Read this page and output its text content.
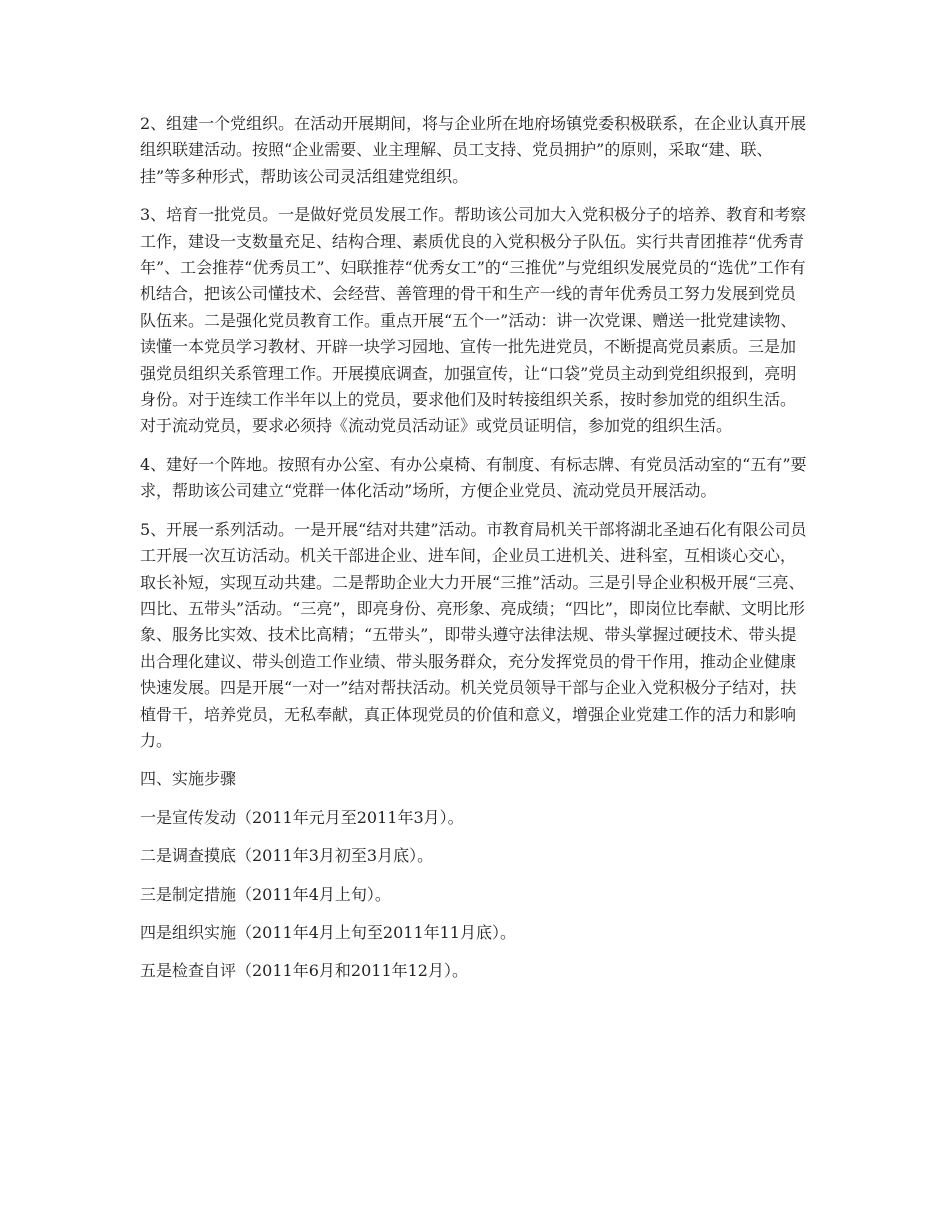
2、组建一个党组织。在活动开展期间，将与企业所在地府场镇党委积极联系，在企业认真开展组织联建活动。按照“企业需要、业主理解、员工支持、党员拥护”的原则，采取“建、联、挂”等多种形式，帮助该公司灵活组建党组织。

3、培育一批党员。一是做好党员发展工作。帮助该公司加大入党积极分子的培养、教育和考察工作，建设一支数量充足、结构合理、素质优良的入党积极分子队伍。实行共青团推荐“优秀青年”、工会推荐“优秀员工”、妇联推荐“优秀女工”的“三推优”与党组织发展党员的“选优”工作有机结合，把该公司懂技术、会经营、善管理的骨干和生产一线的青年优秀员工努力发展到党员队伍来。二是强化党员教育工作。重点开展“五个一”活动：讲一次党课、赠送一批党建读物、读懂一本党员学习教材、开辟一块学习园地、宣传一批先进党员，不断提高党员素质。三是加强党员组织关系管理工作。开展摸底调查，加强宣传，让“口袋”党员主动到党组织报到，亮明身份。对于连续工作半年以上的党员，要求他们及时转接组织关系，按时参加党的组织生活。对于流动党员，要求必须持《流动党员活动证》或党员证明信，参加党的组织生活。

4、建好一个阵地。按照有办公室、有办公桌椅、有制度、有标志牌、有党员活动室的“五有”要求，帮助该公司建立“党群一体化活动”场所，方便企业党员、流动党员开展活动。

5、开展一系列活动。一是开展“结对共建”活动。市教育局机关干部将湖北圣迪石化有限公司员工开展一次互访活动。机关干部进企业、进车间，企业员工进机关、进科室，互相谈心交心，取长补短，实现互动共建。二是帮助企业大力开展“三推”活动。三是引导企业积极开展“三亮、四比、五带头”活动。“三亮”，即亮身份、亮形象、亮成绩；“四比”，即岗位比奉献、文明比形象、服务比实效、技术比高精；“五带头”，即带头遵守法律法规、带头掌握过硬技术、带头提出合理化建议、带头创造工作业绩、带头服务群众，充分发挥党员的骨干作用，推动企业健康快速发展。四是开展“一对一”结对帮扶活动。机关党员领导干部与企业入党积极分子结对，扶植骨干，培养党员，无私奉献，真正体现党员的价值和意义，增强企业党建工作的活力和影响力。

四、实施步骤

一是宣传发动（2011年元月至2011年3月）。

二是调查摸底（2011年3月初至3月底）。

三是制定措施（2011年4月上旬）。

四是组织实施（2011年4月上旬至2011年11月底）。

五是检查自评（2011年6月和2011年12月）。
